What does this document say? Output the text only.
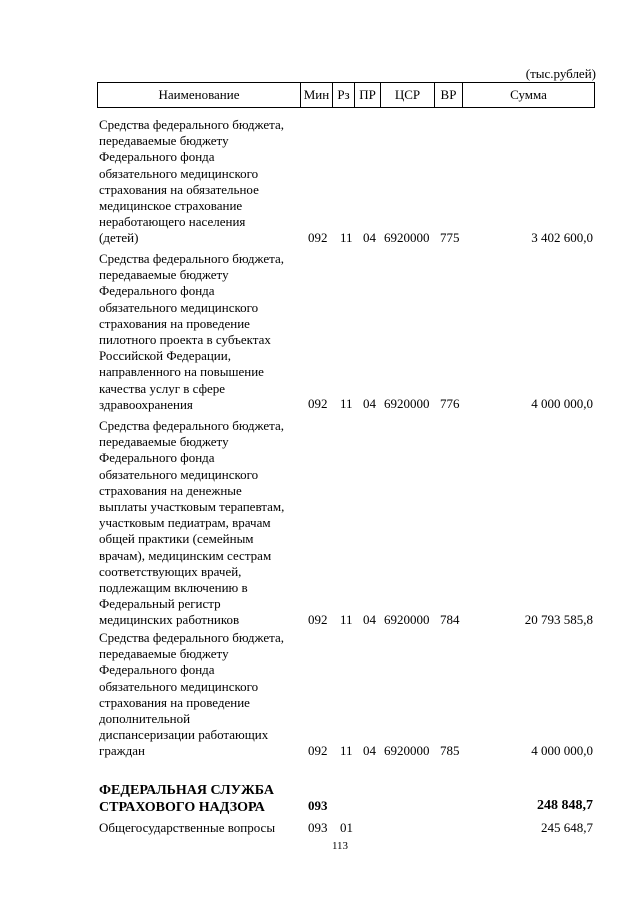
(тыс.рублей)
Наименование	Мин Рз ПР	ЦСР	ВР	Сумма
Средства федерального бюджета,
передаваемые бюджету
Федерального фонда
обязательного медицинского
страхования на обязательное
медицинское страхование
неработающего населения
(детей)	092 11 04 6920000 775	3 402 600,0
Средства федерального бюджета,
передаваемые бюджету
Федерального фонда
обязательного медицинского
страхования на проведение
пилотного проекта в субъектах
Российской Федерации,
направленного на повышение
качества услуг в сфере
здравоохранения	092 11 04 6920000 776	4 000 000,0
Средства федерального бюджета,
передаваемые бюджету
Федерального фонда
обязательного медицинского
страхования на денежные
выплаты участковым терапевтам,
участковым педиатрам, врачам
общей практики (семейным
врачам), медицинским сестрам
соответствующих врачей,
подлежащим включению в
Федеральный регистр
медицинских работников	092 11 04 6920000 784	20 793 585,8
Средства федерального бюджета,
передаваемые бюджету
Федерального фонда
обязательного медицинского
страхования на проведение
дополнительной
диспансеризации работающих
граждан	092 11 04 6920000 785	4 000 000,0
ФЕДЕРАЛЬНАЯ СЛУЖБА
СТРАХОВОГО НАДЗОРА	093	248 848,7
Общегосударственные вопросы	093 01	245 648,7
113
